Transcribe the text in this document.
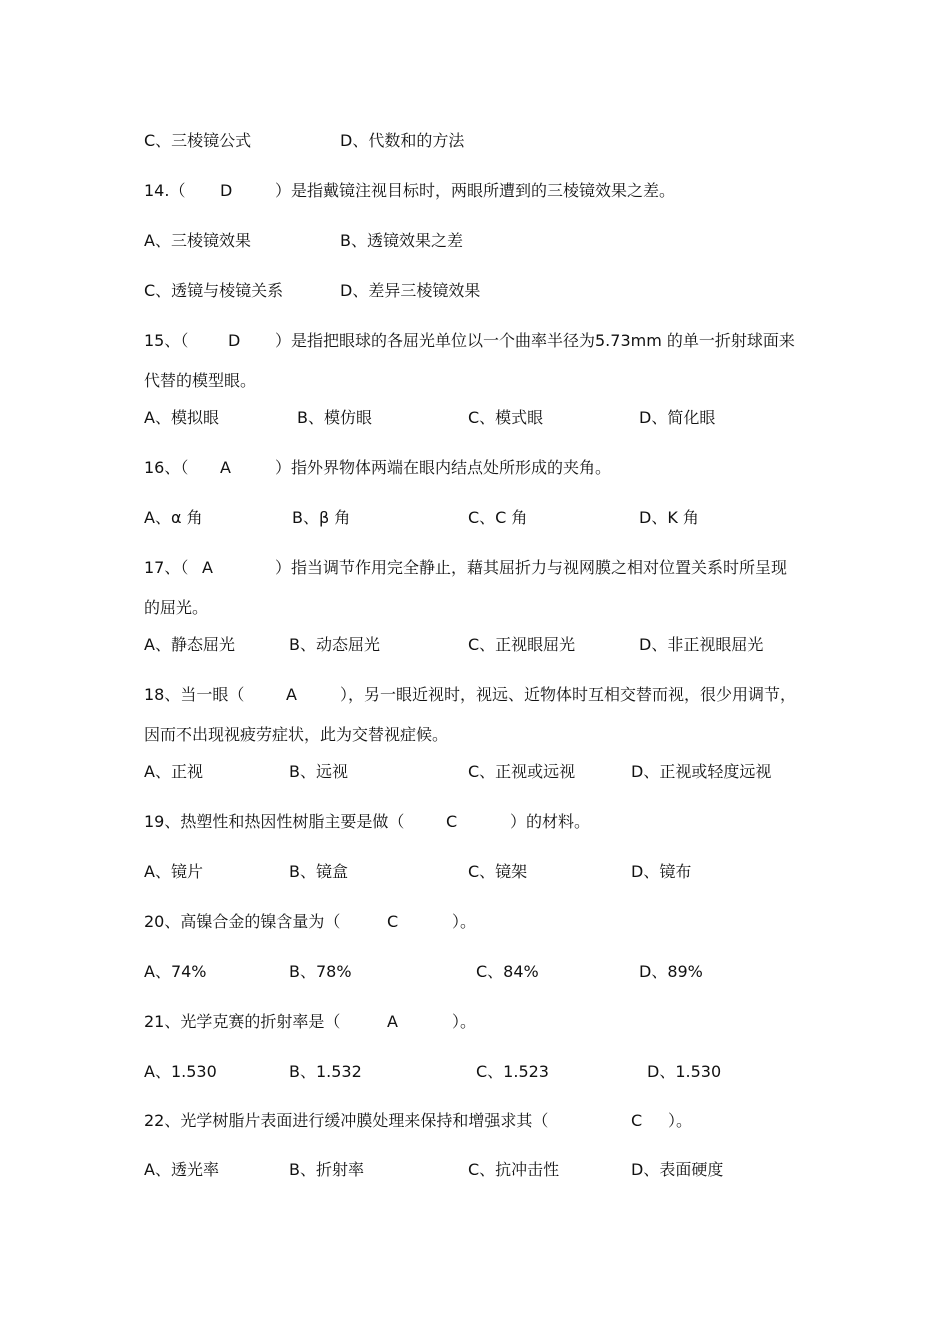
C、三棱镜公式	D、代数和的方法
14.（ D	）是指戴镜注视目标时，两眼所遭到的三棱镜效果之差。
A、三棱镜效果	B、透镜效果之差
C、透镜与棱镜关系	D、差异三棱镜效果
15、（ D ）是指把眼球的各屈光单位以一个曲率半径为5.73mm 的单一折射球面来
代替的模型眼。
A、模拟眼	B、模仿眼	C、模式眼	D、简化眼
16、（ A	）指外界物体两端在眼内结点处所形成的夹角。
A、α 角	B、β 角	C、C 角	D、K 角
17、（ A	）指当调节作用完全静止，藉其屈折力与视网膜之相对位置关系时所呈现
的屈光。
A、静态屈光	B、动态屈光	C、正视眼屈光	D、非正视眼屈光
18、当一眼（	A	），另一眼近视时，视远、近物体时互相交替而视，很少用调节，
因而不出现视疲劳症状，此为交替视症候。
A、正视	B、远视	C、正视或远视	D、正视或轻度远视
19、热塑性和热因性树脂主要是做（	C	）的材料。
A、镜片	B、镜盒	C、镜架	D、镜布
20、高镍合金的镍含量为（	C	）。
A、74%	B、78%	C、84%	D、89%
21、光学克赛的折射率是（	A	）。
A、1.530	B、1.532	C、1.523	D、1.530
22、光学树脂片表面进行缓冲膜处理来保持和增强求其（	C ）。
A、透光率	B、折射率	C、抗冲击性	D、表面硬度
